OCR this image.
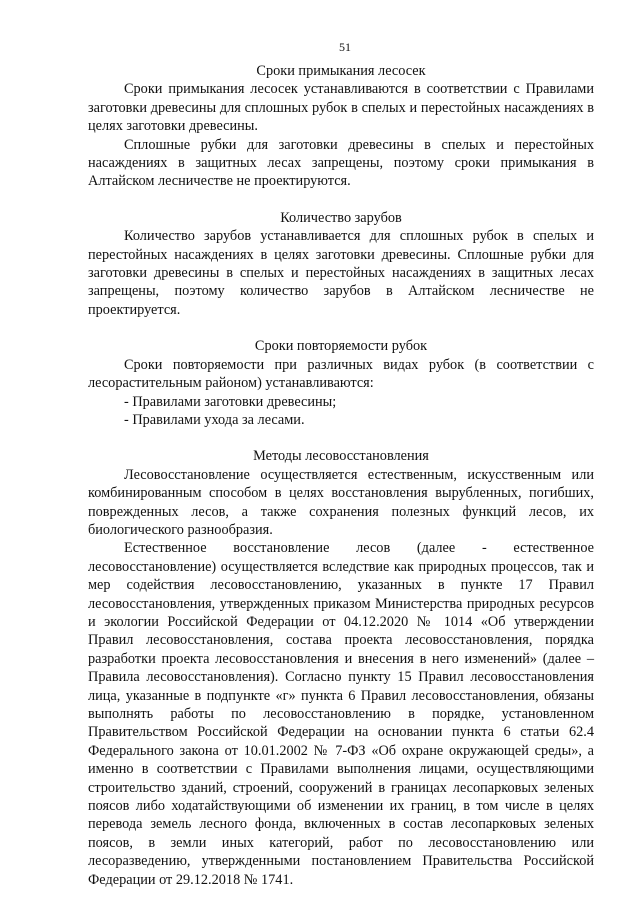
51
Сроки примыкания лесосек

Сроки примыкания лесосек устанавливаются в соответствии с Правилами заготовки древесины для сплошных рубок в спелых и перестойных насаждениях в целях заготовки древесины.

Сплошные рубки для заготовки древесины в спелых и перестойных насаждениях в защитных лесах запрещены, поэтому сроки примыкания в Алтайском лесничестве не проектируются.

Количество зарубов

Количество зарубов устанавливается для сплошных рубок в спелых и перестойных насаждениях в целях заготовки древесины. Сплошные рубки для заготовки древесины в спелых и перестойных насаждениях в защитных лесах запрещены, поэтому количество зарубов в Алтайском лесничестве не проектируется.

Сроки повторяемости рубок

Сроки повторяемости при различных видах рубок (в соответствии с лесорастительным районом) устанавливаются:

- Правилами заготовки древесины;
- Правилами ухода за лесами.
Методы лесовосстановления

Лесовосстановление осуществляется естественным, искусственным или комбинированным способом в целях восстановления вырубленных, погибших, поврежденных лесов, а также сохранения полезных функций лесов, их биологического разнообразия.

Естественное восстановление лесов (далее - естественное лесовосстановление) осуществляется вследствие как природных процессов, так и мер содействия лесовосстановлению, указанных в пункте 17 Правил лесовосстановления, утвержденных приказом Министерства природных ресурсов и экологии Российской Федерации от 04.12.2020 № 1014 «Об утверждении Правил лесовосстановления, состава проекта лесовосстановления, порядка разработки проекта лесовосстановления и внесения в него изменений» (далее – Правила лесовосстановления). Согласно пункту 15 Правил лесовосстановления лица, указанные в подпункте «г» пункта 6 Правил лесовосстановления, обязаны выполнять работы по лесовосстановлению в порядке, установленном Правительством Российской Федерации на основании пункта 6 статьи 62.4 Федерального закона от 10.01.2002 № 7-ФЗ «Об охране окружающей среды», а именно в соответствии с Правилами выполнения лицами, осуществляющими строительство зданий, строений, сооружений в границах лесопарковых зеленых поясов либо ходатайствующими об изменении их границ, в том числе в целях перевода земель лесного фонда, включенных в состав лесопарковых зеленых поясов, в земли иных категорий, работ по лесовосстановлению или лесоразведению, утвержденными постановлением Правительства Российской Федерации от 29.12.2018 № 1741.
